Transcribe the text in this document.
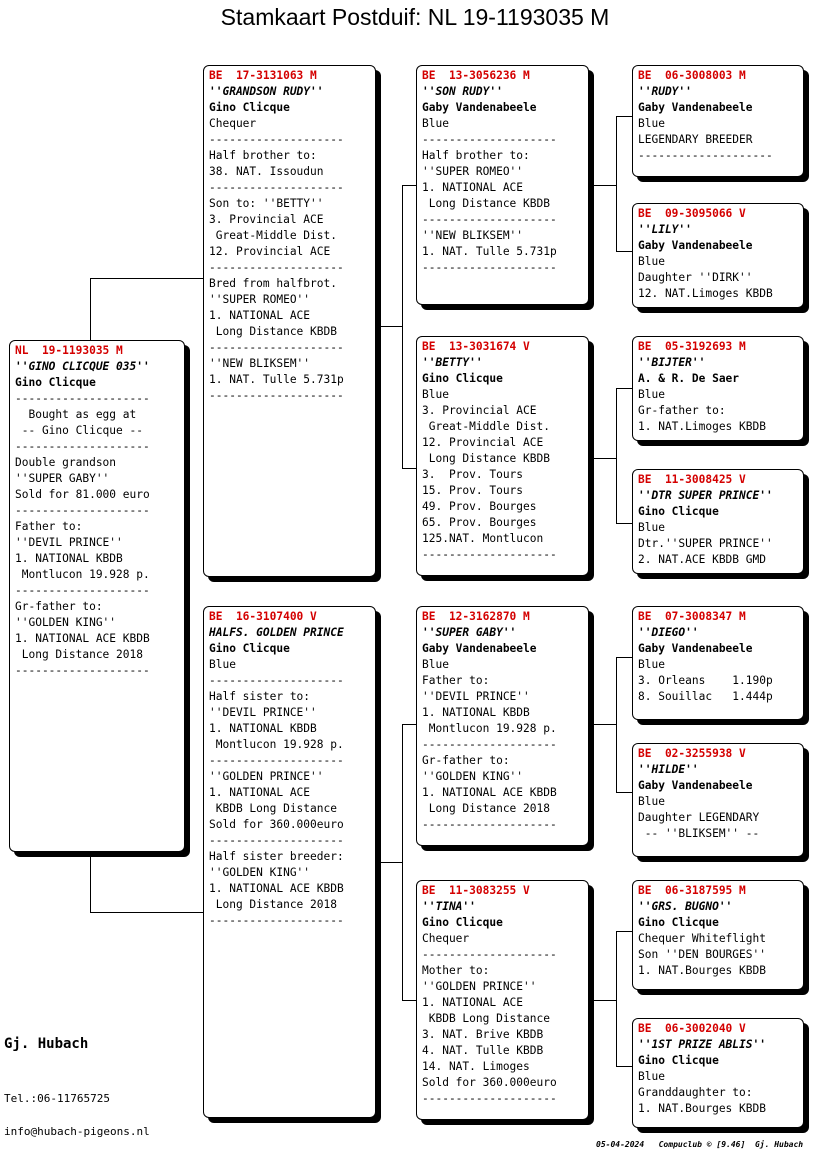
Stamkaart Postduif: NL 19-1193035 M
NL  19-1193035 M
''GINO CLICQUE 035''
Gino Clicque
--------------------
Bought as egg at
-- Gino Clicque --
--------------------
Double grandson
''SUPER GABY''
Sold for 81.000 euro
--------------------
Father to:
''DEVIL PRINCE''
1. NATIONAL KBDB
Montlucon 19.928 p.
--------------------
Gr-father to:
''GOLDEN KING''
1. NATIONAL ACE KBDB
Long Distance 2018
--------------------
BE  17-3131063 M
''GRANDSON RUDY''
Gino Clicque
Chequer
--------------------
Half brother to:
38. NAT. Issoudun
--------------------
Son to: ''BETTY''
3. Provincial ACE
Great-Middle Dist.
12. Provincial ACE
--------------------
Bred from halfbrot.
''SUPER ROMEO''
1. NATIONAL ACE
Long Distance KBDB
--------------------
''NEW BLIKSEM''
1. NAT. Tulle 5.731p
--------------------
BE  16-3107400 V
HALFS. GOLDEN PRINCE
Gino Clicque
Blue
--------------------
Half sister to:
''DEVIL PRINCE''
1. NATIONAL KBDB
Montlucon 19.928 p.
--------------------
''GOLDEN PRINCE''
1. NATIONAL ACE
KBDB Long Distance
Sold for 360.000euro
--------------------
Half sister breeder:
''GOLDEN KING''
1. NATIONAL ACE KBDB
Long Distance 2018
--------------------
BE  13-3056236 M
''SON RUDY''
Gaby Vandenabeele
Blue
--------------------
Half brother to:
''SUPER ROMEO''
1. NATIONAL ACE
Long Distance KBDB
--------------------
''NEW BLIKSEM''
1. NAT. Tulle 5.731p
--------------------
BE  13-3031674 V
''BETTY''
Gino Clicque
Blue
3. Provincial ACE
Great-Middle Dist.
12. Provincial ACE
Long Distance KBDB
3.  Prov. Tours
15. Prov. Tours
49. Prov. Bourges
65. Prov. Bourges
125.NAT. Montlucon
--------------------
BE  12-3162870 M
''SUPER GABY''
Gaby Vandenabeele
Blue
Father to:
''DEVIL PRINCE''
1. NATIONAL KBDB
Montlucon 19.928 p.
--------------------
Gr-father to:
''GOLDEN KING''
1. NATIONAL ACE KBDB
Long Distance 2018
--------------------
BE  11-3083255 V
''TINA''
Gino Clicque
Chequer
--------------------
Mother to:
''GOLDEN PRINCE''
1. NATIONAL ACE
KBDB Long Distance
3. NAT. Brive KBDB
4. NAT. Tulle KBDB
14. NAT. Limoges
Sold for 360.000euro
--------------------
BE  06-3008003 M
''RUDY''
Gaby Vandenabeele
Blue
LEGENDARY BREEDER
--------------------
BE  09-3095066 V
''LILY''
Gaby Vandenabeele
Blue
Daughter ''DIRK''
12. NAT.Limoges KBDB
BE  05-3192693 M
''BIJTER''
A. & R. De Saer
Blue
Gr-father to:
1. NAT.Limoges KBDB
BE  11-3008425 V
''DTR SUPER PRINCE''
Gino Clicque
Blue
Dtr.''SUPER PRINCE''
2. NAT.ACE KBDB GMD
BE  07-3008347 M
''DIEGO''
Gaby Vandenabeele
Blue
3. Orleans    1.190p
8. Souillac   1.444p
BE  02-3255938 V
''HILDE''
Gaby Vandenabeele
Blue
Daughter LEGENDARY
-- ''BLIKSEM'' --
BE  06-3187595 M
''GRS. BUGNO''
Gino Clicque
Chequer Whiteflight
Son ''DEN BOURGES''
1. NAT.Bourges KBDB
BE  06-3002040 V
''1ST PRIZE ABLIS''
Gino Clicque
Blue
Granddaughter to:
1. NAT.Bourges KBDB
Gj. Hubach
Tel.:06-11765725
info@hubach-pigeons.nl
05-04-2024   Compuclub © [9.46]  Gj. Hubach
